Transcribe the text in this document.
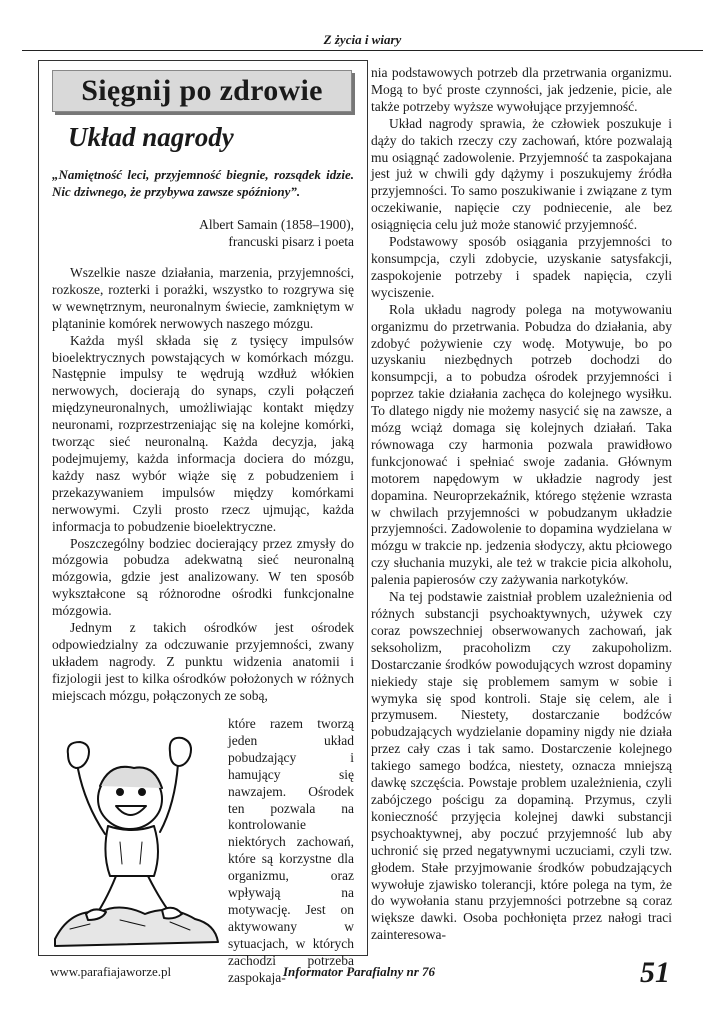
Z życia i wiary
Sięgnij po zdrowie
Układ nagrody
„Namiętność leci, przyjemność biegnie, rozsądek idzie. Nic dziwnego, że przybywa zawsze spóźniony”.
Albert Samain (1858–1900),
francuski pisarz i poeta

Wszelkie nasze działania, marzenia, przyjemności, rozkosze, rozterki i porażki, wszystko to rozgrywa się w wewnętrznym, neuronalnym świecie, zamkniętym w plątaninie komórek nerwowych naszego mózgu.

Każda myśl składa się z tysięcy impulsów bioelektrycznych powstających w komórkach mózgu. Następnie impulsy te wędrują wzdłuż włókien nerwowych, docierają do synaps, czyli połączeń międzyneuronalnych, umożliwiając kontakt między neuronami, rozprzestrzeniając się na kolejne komórki, tworząc sieć neuronalną. Każda decyzja, jaką podejmujemy, każda informacja dociera do mózgu, każdy nasz wybór wiąże się z pobudzeniem i przekazywaniem impulsów między komórkami nerwowymi. Czyli prosto rzecz ujmując, każda informacja to pobudzenie bioelektryczne.

Poszczególny bodziec docierający przez zmysły do mózgowia pobudza adekwatną sieć neuronalną mózgowia, gdzie jest analizowany. W ten sposób wykształcone są różnorodne ośrodki funkcjonalne mózgowia.

Jednym z takich ośrodków jest ośrodek odpowiedzialny za odczuwanie przyjemności, zwany układem nagrody. Z punktu widzenia anatomii i fizjologii jest to kilka ośrodków położonych w różnych miejscach mózgu, połączonych ze sobą,

które razem tworzą jeden układ pobudzający i hamujący się nawzajem. Ośrodek ten pozwala na kontrolowanie niektórych zachowań, które są korzystne dla organizmu, oraz wpływają na motywację. Jest on aktywowany w sytuacjach, w których zachodzi potrzeba zaspokaja-

nia podstawowych potrzeb dla przetrwania organizmu. Mogą to być proste czynności, jak jedzenie, picie, ale także potrzeby wyższe wywołujące przyjemność.

Układ nagrody sprawia, że człowiek poszukuje i dąży do takich rzeczy czy zachowań, które pozwalają mu osiągnąć zadowolenie. Przyjemność ta zaspokajana jest już w chwili gdy dążymy i poszukujemy źródła przyjemności. To samo poszukiwanie i związane z tym oczekiwanie, napięcie czy podniecenie, ale bez osiągnięcia celu już może stanowić przyjemność.

Podstawowy sposób osiągania przyjemności to konsumpcja, czyli zdobycie, uzyskanie satysfakcji, zaspokojenie potrzeby i spadek napięcia, czyli wyciszenie.

Rola układu nagrody polega na motywowaniu organizmu do przetrwania. Pobudza do działania, aby zdobyć pożywienie czy wodę. Motywuje, bo po uzyskaniu niezbędnych potrzeb dochodzi do konsumpcji, a to pobudza ośrodek przyjemności i poprzez takie działania zachęca do kolejnego wysiłku. To dlatego nigdy nie możemy nasycić się na zawsze, a mózg wciąż domaga się kolejnych działań. Taka równowaga czy harmonia pozwala prawidłowo funkcjonować i spełniać swoje zadania. Głównym motorem napędowym w układzie nagrody jest dopamina. Neuroprzekaźnik, którego stężenie wzrasta w chwilach przyjemności w pobudzanym układzie przyjemności. Zadowolenie to dopamina wydzielana w mózgu w trakcie np. jedzenia słodyczy, aktu płciowego czy słuchania muzyki, ale też w trakcie picia alkoholu, palenia papierosów czy zażywania narkotyków.

Na tej podstawie zaistniał problem uzależnienia od różnych substancji psychoaktywnych, używek czy coraz powszechniej obserwowanych zachowań, jak seksoholizm, pracoholizm czy zakupoholizm. Dostarczanie środków powodujących wzrost dopaminy niekiedy staje się problemem samym w sobie i wymyka się spod kontroli. Staje się celem, ale i przymusem. Niestety, dostarczanie bodźców pobudzających wydzielanie dopaminy nigdy nie działa przez cały czas i tak samo. Dostarczenie kolejnego takiego samego bodźca, niestety, oznacza mniejszą dawkę szczęścia. Powstaje problem uzależnienia, czyli zabójczego pościgu za dopaminą. Przymus, czyli konieczność przyjęcia kolejnej dawki substancji psychoaktywnej, aby poczuć przyjemność lub aby uchronić się przed negatywnymi uczuciami, czyli tzw. głodem. Stałe przyjmowanie środków pobudzających wywołuje zjawisko tolerancji, które polega na tym, że do wywołania stanu przyjemności potrzebne są coraz większe dawki. Osoba pochłonięta przez nałogi traci zainteresowa-

www.parafiajaworze.pl	Informator Parafialny nr 76	51
